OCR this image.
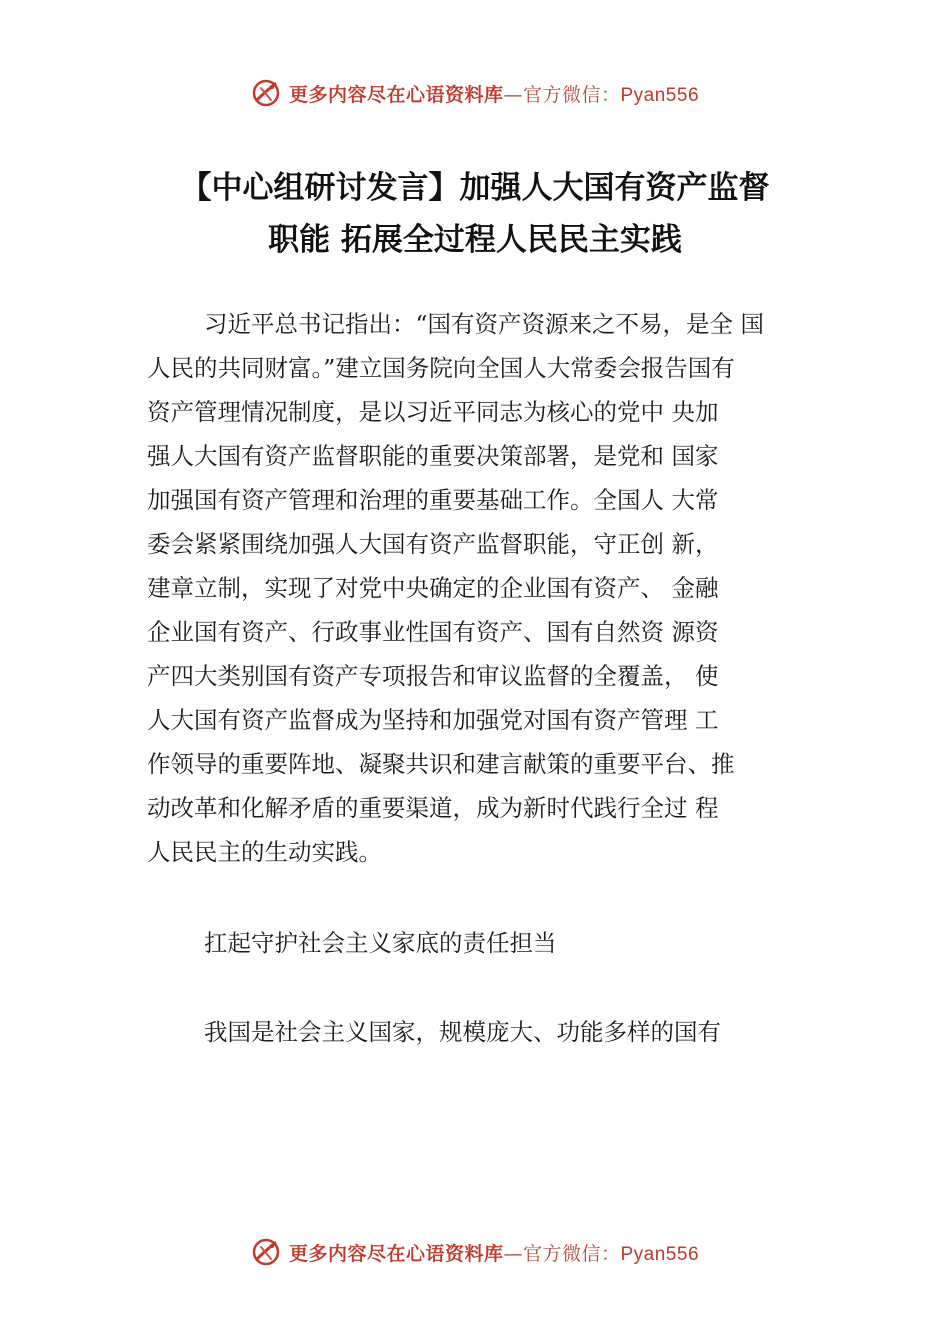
更多内容尽在心语资料库—官方微信：Pyan556
【中心组研讨发言】加强人大国有资产监督
职能 拓展全过程人民民主实践
习近平总书记指出：“国有资产资源来之不易，是全 国
人民的共同财富。”建立国务院向全国人大常委会报告国有
资产管理情况制度，是以习近平同志为核心的党中 央加
强人大国有资产监督职能的重要决策部署，是党和 国家
加强国有资产管理和治理的重要基础工作。全国人 大常
委会紧紧围绕加强人大国有资产监督职能，守正创 新，
建章立制，实现了对党中央确定的企业国有资产、 金融
企业国有资产、行政事业性国有资产、国有自然资 源资
产四大类别国有资产专项报告和审议监督的全覆盖， 使
人大国有资产监督成为坚持和加强党对国有资产管理 工
作领导的重要阵地、凝聚共识和建言献策的重要平台、推
动改革和化解矛盾的重要渠道，成为新时代践行全过 程
人民民主的生动实践。
扛起守护社会主义家底的责任担当
我国是社会主义国家，规模庞大、功能多样的国有
更多内容尽在心语资料库—官方微信：Pyan556
